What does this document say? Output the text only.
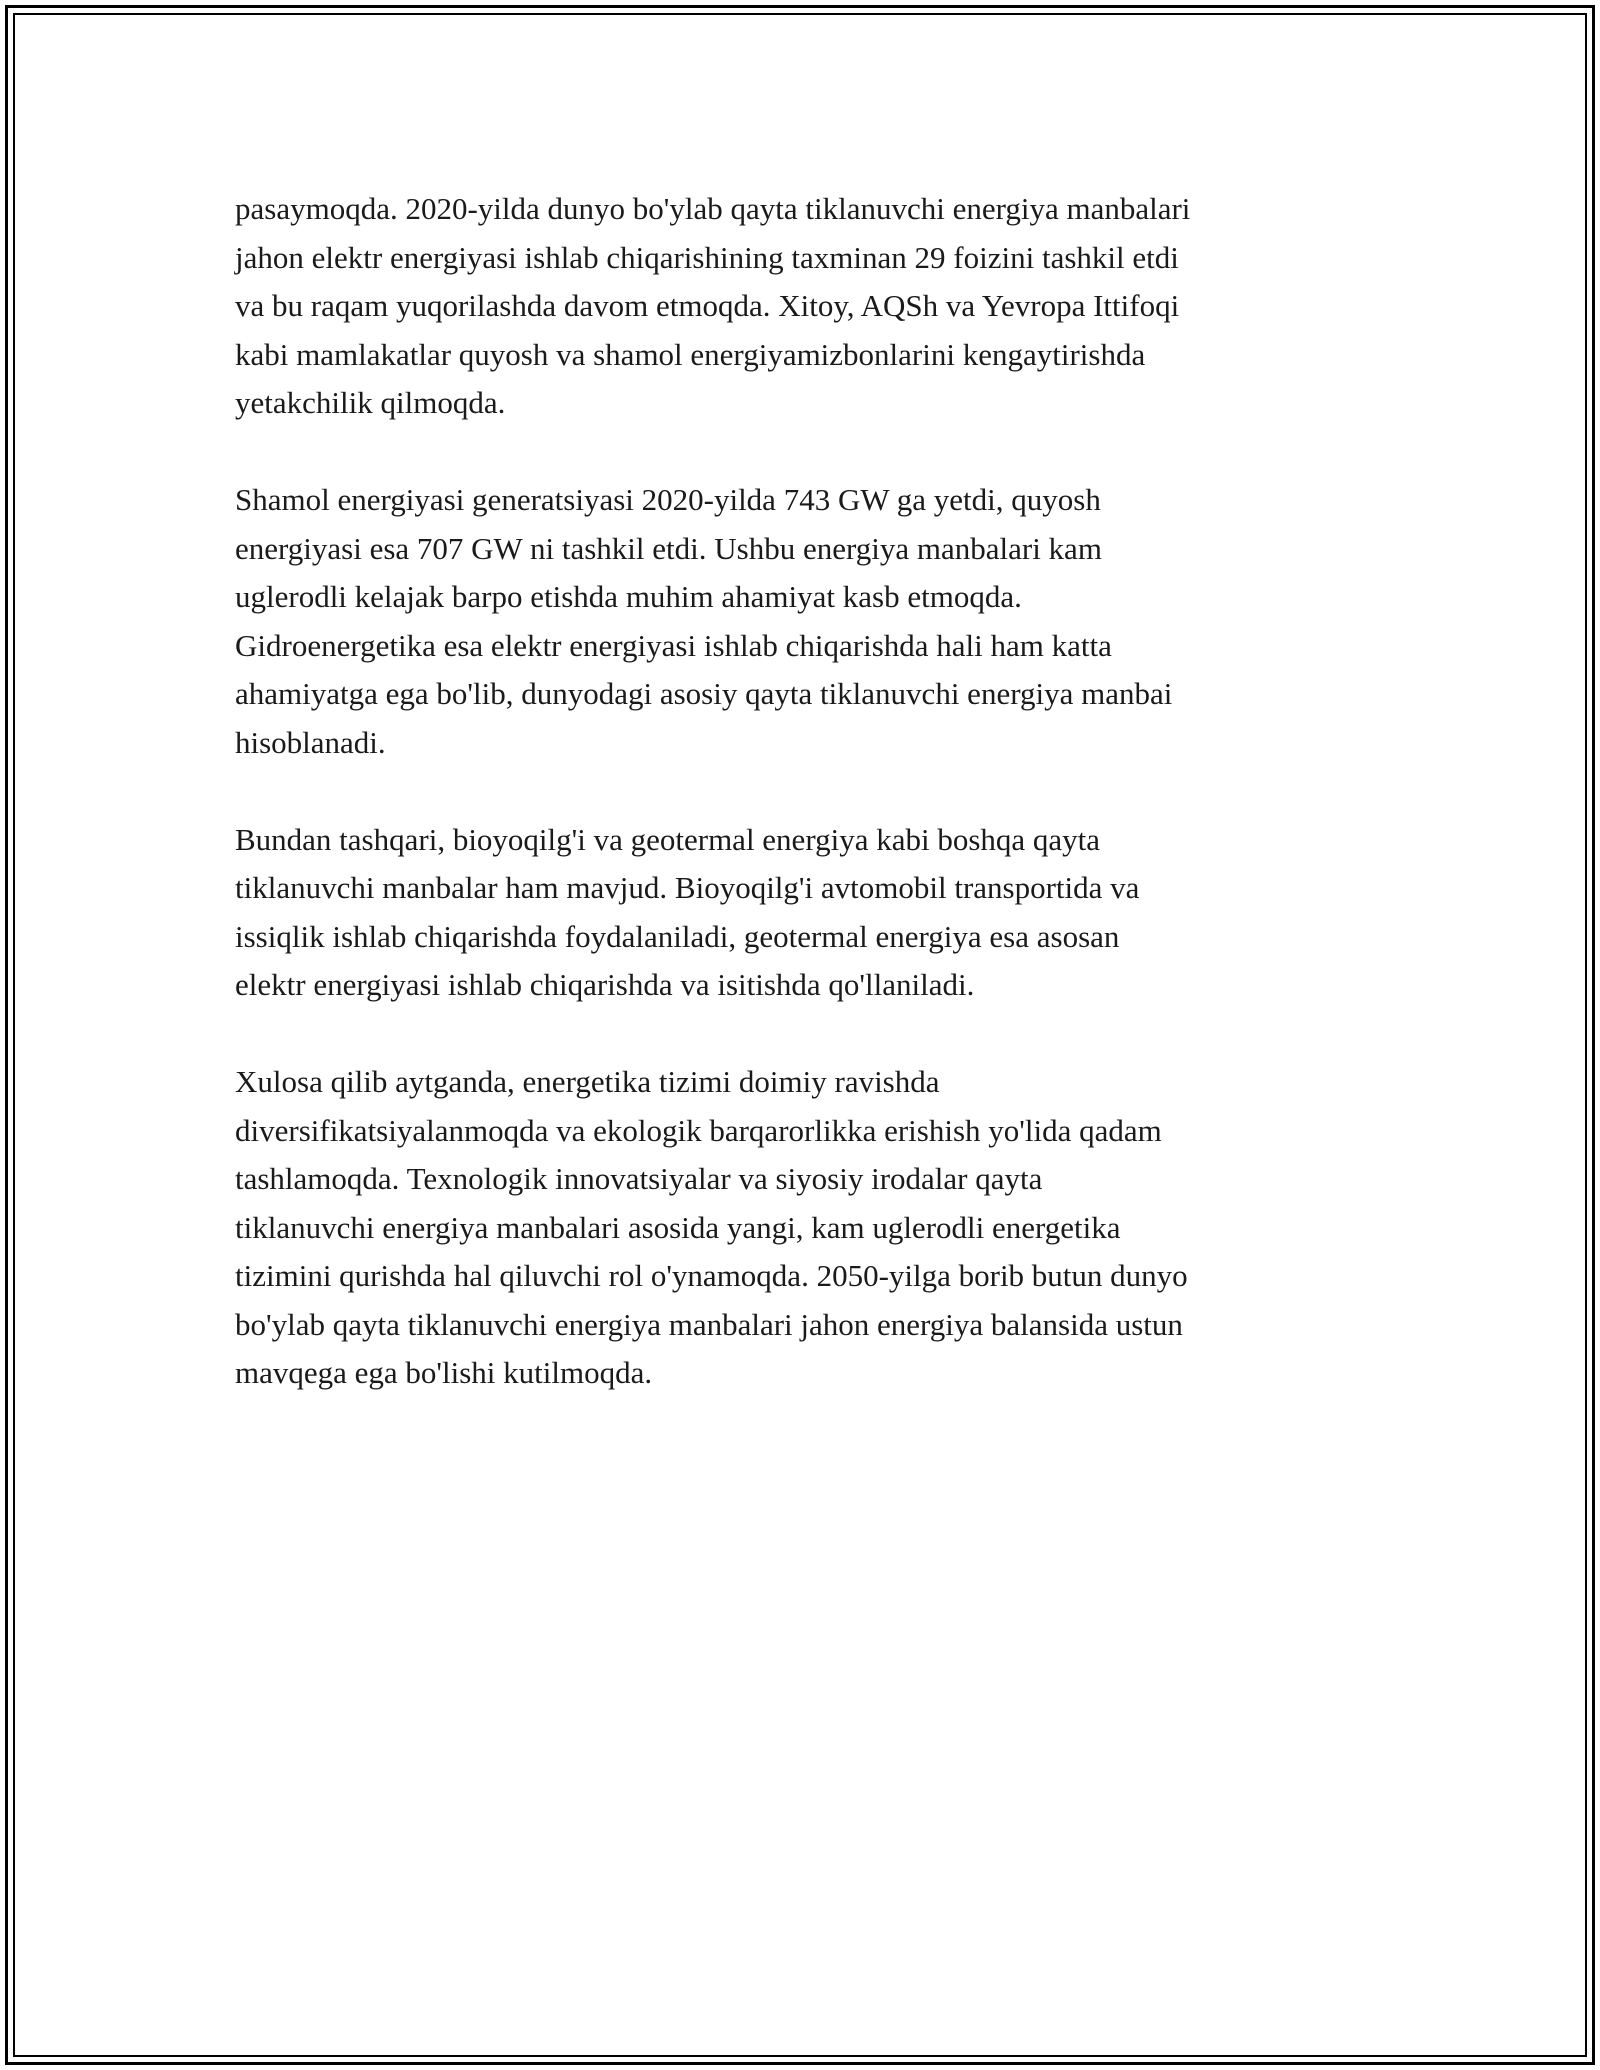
pasaymoqda. 2020-yilda dunyo bo'ylab qayta tiklanuvchi energiya manbalari
jahon elektr energiyasi ishlab chiqarishining taxminan 29 foizini tashkil etdi
va bu raqam yuqorilashda davom etmoqda. Xitoy, AQSh va Yevropa Ittifoqi
kabi mamlakatlar quyosh va shamol energiyamizbonlarini kengaytirishda
yetakchilik qilmoqda.

Shamol energiyasi generatsiyasi 2020-yilda 743 GW ga yetdi, quyosh
energiyasi esa 707 GW ni tashkil etdi. Ushbu energiya manbalari kam
uglerodli kelajak barpo etishda muhim ahamiyat kasb etmoqda.
Gidroenergetika esa elektr energiyasi ishlab chiqarishda hali ham katta
ahamiyatga ega bo'lib, dunyodagi asosiy qayta tiklanuvchi energiya manbai
hisoblanadi.

Bundan tashqari, bioyoqilg'i va geotermal energiya kabi boshqa qayta
tiklanuvchi manbalar ham mavjud. Bioyoqilg'i avtomobil transportida va
issiqlik ishlab chiqarishda foydalaniladi, geotermal energiya esa asosan
elektr energiyasi ishlab chiqarishda va isitishda qo'llaniladi.

Xulosa qilib aytganda, energetika tizimi doimiy ravishda
diversifikatsiyalanmoqda va ekologik barqarorlikka erishish yo'lida qadam
tashlamoqda. Texnologik innovatsiyalar va siyosiy irodalar qayta
tiklanuvchi energiya manbalari asosida yangi, kam uglerodli energetika
tizimini qurishda hal qiluvchi rol o'ynamoqda. 2050-yilga borib butun dunyo
bo'ylab qayta tiklanuvchi energiya manbalari jahon energiya balansida ustun
mavqega ega bo'lishi kutilmoqda.
